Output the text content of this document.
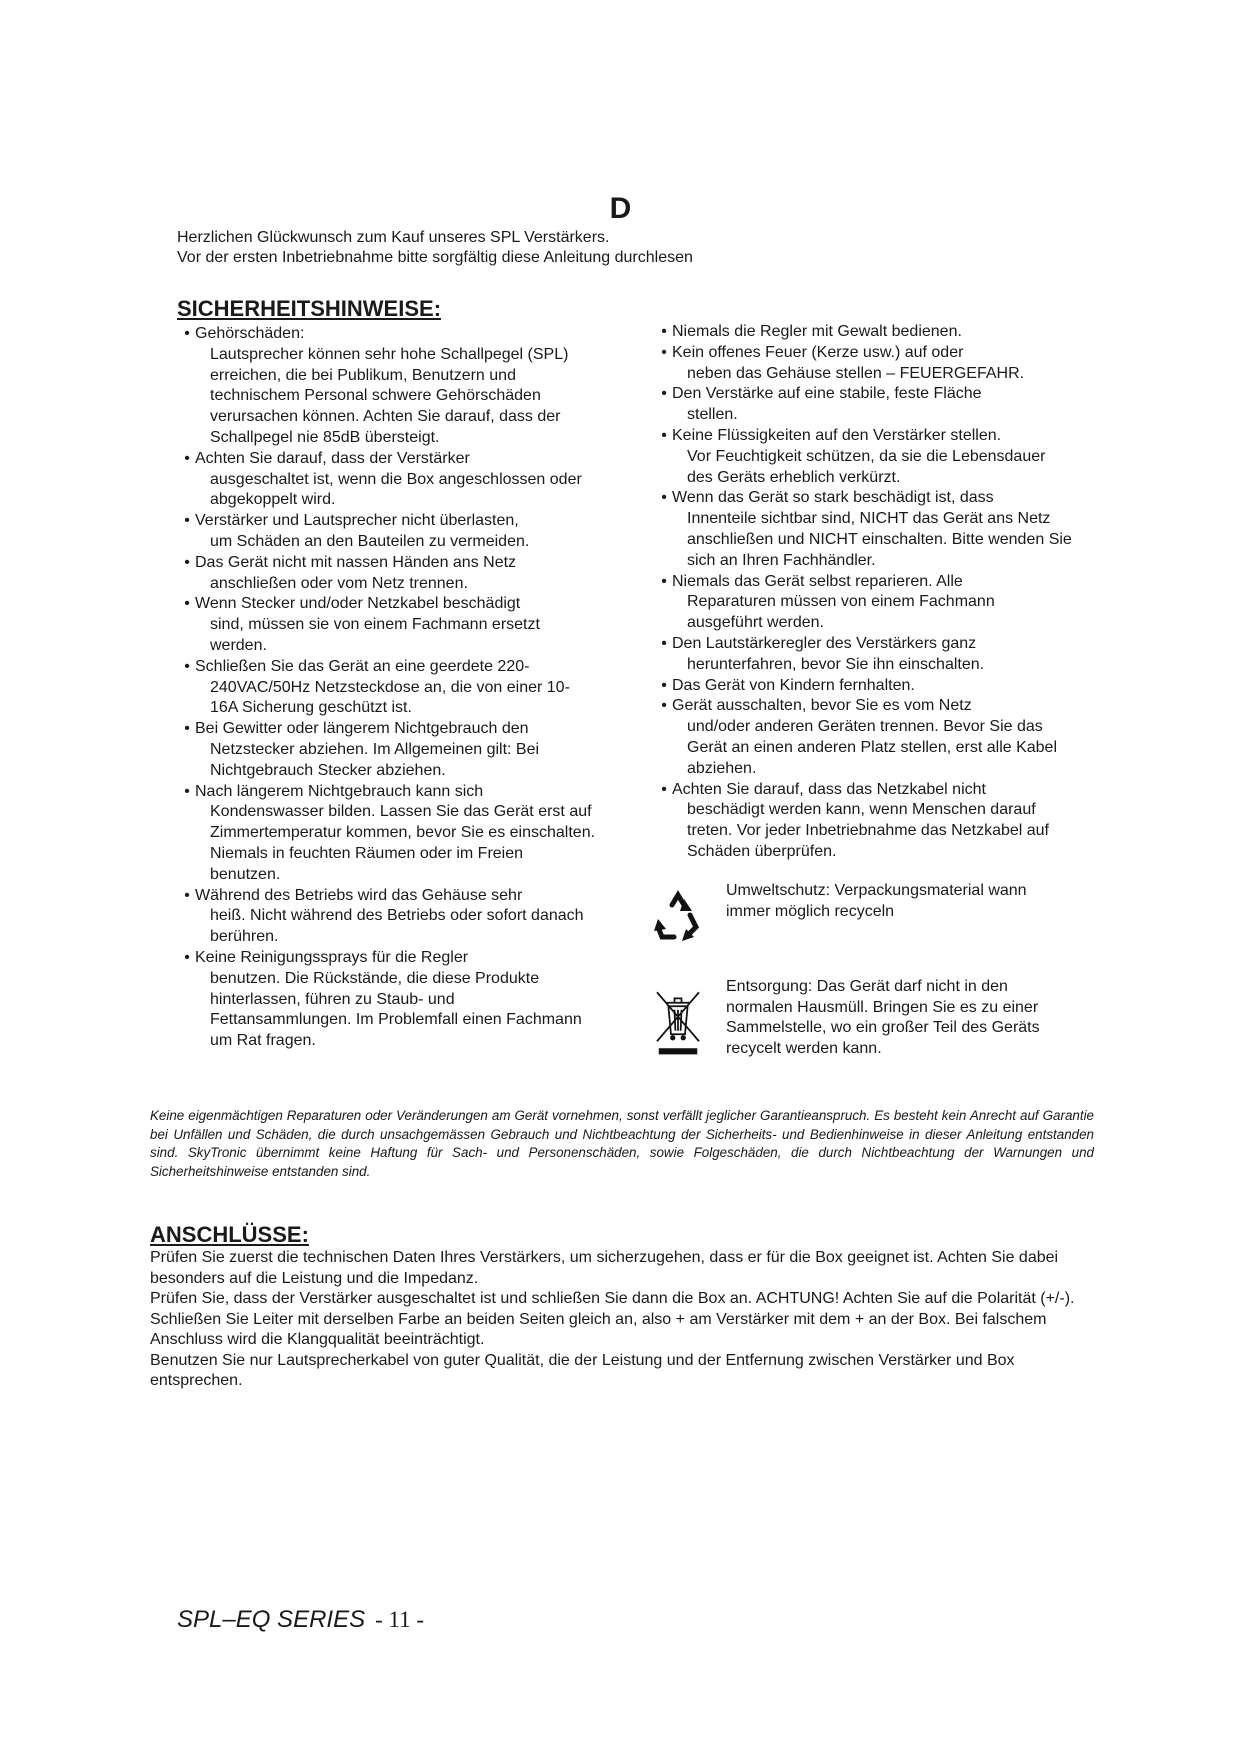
D
Herzlichen Glückwunsch zum Kauf unseres SPL Verstärkers.
Vor der ersten Inbetriebnahme bitte sorgfältig diese Anleitung durchlesen
SICHERHEITSHINWEISE:
• Gehörschäden:
Lautsprecher können sehr hohe Schallpegel (SPL) erreichen, die bei Publikum, Benutzern und technischem Personal schwere Gehörschäden verursachen können. Achten Sie darauf, dass der Schallpegel nie 85dB übersteigt.
• Achten Sie darauf, dass der Verstärker
ausgeschaltet ist, wenn die Box angeschlossen oder abgekoppelt wird.
• Verstärker und Lautsprecher nicht überlasten,
um Schäden an den Bauteilen zu vermeiden.
• Das Gerät nicht mit nassen Händen ans Netz
anschließen oder vom Netz trennen.
• Wenn Stecker und/oder Netzkabel beschädigt
sind, müssen sie von einem Fachmann ersetzt werden.
• Schließen Sie das Gerät an eine geerdete 220-
240VAC/50Hz Netzsteckdose an, die von einer 10-16A Sicherung geschützt ist.
• Bei Gewitter oder längerem Nichtgebrauch den
Netzstecker abziehen. Im Allgemeinen gilt: Bei Nichtgebrauch Stecker abziehen.
• Nach längerem Nichtgebrauch kann sich
Kondenswasser bilden. Lassen Sie das Gerät erst auf Zimmertemperatur kommen, bevor Sie es einschalten. Niemals in feuchten Räumen oder im Freien benutzen.
• Während des Betriebs wird das Gehäuse sehr
heiß. Nicht während des Betriebs oder sofort danach berühren.
• Keine Reinigungssprays für die Regler
benutzen. Die Rückstände, die diese Produkte hinterlassen, führen zu Staub- und Fettansammlungen. Im Problemfall einen Fachmann um Rat fragen.
• Niemals die Regler mit Gewalt bedienen.
• Kein offenes Feuer (Kerze usw.) auf oder
neben das Gehäuse stellen – FEUERGEFAHR.
• Den Verstärke auf eine stabile, feste Fläche
stellen.
• Keine Flüssigkeiten auf den Verstärker stellen.
Vor Feuchtigkeit schützen, da sie die Lebensdauer des Geräts erheblich verkürzt.
• Wenn das Gerät so stark beschädigt ist, dass
Innenteile sichtbar sind, NICHT das Gerät ans Netz anschließen und NICHT einschalten. Bitte wenden Sie sich an Ihren Fachhändler.
• Niemals das Gerät selbst reparieren. Alle
Reparaturen müssen von einem Fachmann ausgeführt werden.
• Den Lautstärkeregler des Verstärkers ganz
herunterfahren, bevor Sie ihn einschalten.
• Das Gerät von Kindern fernhalten.
• Gerät ausschalten, bevor Sie es vom Netz
und/oder anderen Geräten trennen. Bevor Sie das Gerät an einen anderen Platz stellen, erst alle Kabel abziehen.
• Achten Sie darauf, dass das Netzkabel nicht
beschädigt werden kann, wenn Menschen darauf treten. Vor jeder Inbetriebnahme das Netzkabel auf Schäden überprüfen.
Umweltschutz: Verpackungsmaterial wann immer möglich recyceln
Entsorgung: Das Gerät darf nicht in den normalen Hausmüll. Bringen Sie es zu einer Sammelstelle, wo ein großer Teil des Geräts recycelt werden kann.
Keine eigenmächtigen Reparaturen oder Veränderungen am Gerät vornehmen, sonst verfällt jeglicher Garantieanspruch. Es besteht kein Anrecht auf Garantie bei Unfällen und Schäden, die durch unsachgemässen Gebrauch und Nichtbeachtung der Sicherheits- und Bedienhinweise in dieser Anleitung entstanden sind. SkyTronic übernimmt keine Haftung für Sach- und Personenschäden, sowie Folgeschäden, die durch Nichtbeachtung der Warnungen und Sicherheitshinweise entstanden sind.
ANSCHLÜSSE:

Prüfen Sie zuerst die technischen Daten Ihres Verstärkers, um sicherzugehen, dass er für die Box geeignet ist. Achten Sie dabei besonders auf die Leistung und die Impedanz.

Prüfen Sie, dass der Verstärker ausgeschaltet ist und schließen Sie dann die Box an. ACHTUNG! Achten Sie auf die Polarität (+/-). Schließen Sie Leiter mit derselben Farbe an beiden Seiten gleich an, also + am Verstärker mit dem + an der Box. Bei falschem Anschluss wird die Klangqualität beeinträchtigt.

Benutzen Sie nur Lautsprecherkabel von guter Qualität, die der Leistung und der Entfernung zwischen Verstärker und Box entsprechen.

SPL–EQ SERIES - 11 -
